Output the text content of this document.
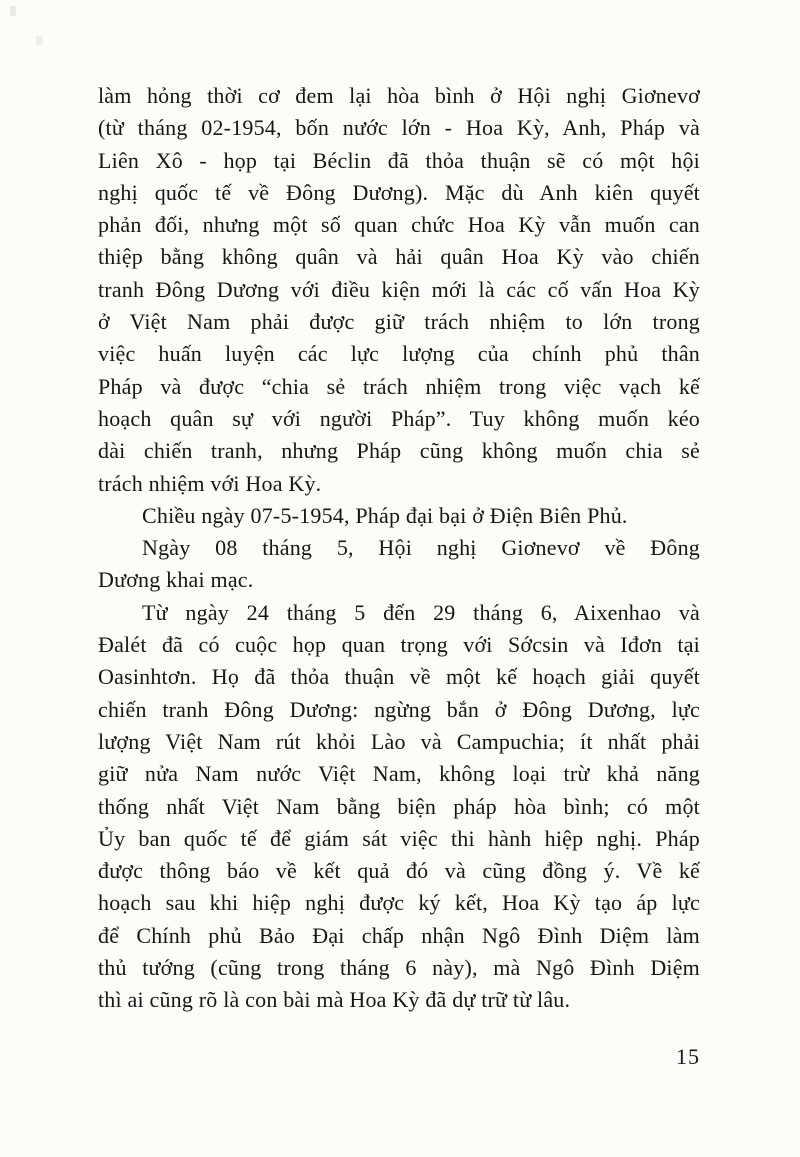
làm hỏng thời cơ đem lại hòa bình ở Hội nghị Giơnevơ
(từ tháng 02-1954, bốn nước lớn - Hoa Kỳ, Anh, Pháp và
Liên Xô - họp tại Béclin đã thỏa thuận sẽ có một hội
nghị quốc tế về Đông Dương). Mặc dù Anh kiên quyết
phản đối, nhưng một số quan chức Hoa Kỳ vẫn muốn can
thiệp bằng không quân và hải quân Hoa Kỳ vào chiến
tranh Đông Dương với điều kiện mới là các cố vấn Hoa Kỳ
ở Việt Nam phải được giữ trách nhiệm to lớn trong
việc huấn luyện các lực lượng của chính phủ thân
Pháp và được “chia sẻ trách nhiệm trong việc vạch kế
hoạch quân sự với người Pháp”. Tuy không muốn kéo
dài chiến tranh, nhưng Pháp cũng không muốn chia sẻ
trách nhiệm với Hoa Kỳ.
Chiều ngày 07-5-1954, Pháp đại bại ở Điện Biên Phủ.
Ngày 08 tháng 5, Hội nghị Giơnevơ về Đông
Dương khai mạc.
Từ ngày 24 tháng 5 đến 29 tháng 6, Aixenhao và
Đalét đã có cuộc họp quan trọng với Sớcsin và Iđơn tại
Oasinhtơn. Họ đã thỏa thuận về một kế hoạch giải quyết
chiến tranh Đông Dương: ngừng bắn ở Đông Dương, lực
lượng Việt Nam rút khỏi Lào và Campuchia; ít nhất phải
giữ nửa Nam nước Việt Nam, không loại trừ khả năng
thống nhất Việt Nam bằng biện pháp hòa bình; có một
Ủy ban quốc tế để giám sát việc thi hành hiệp nghị. Pháp
được thông báo về kết quả đó và cũng đồng ý. Về kế
hoạch sau khi hiệp nghị được ký kết, Hoa Kỳ tạo áp lực
để Chính phủ Bảo Đại chấp nhận Ngô Đình Diệm làm
thủ tướng (cũng trong tháng 6 này), mà Ngô Đình Diệm
thì ai cũng rõ là con bài mà Hoa Kỳ đã dự trữ từ lâu.
15
